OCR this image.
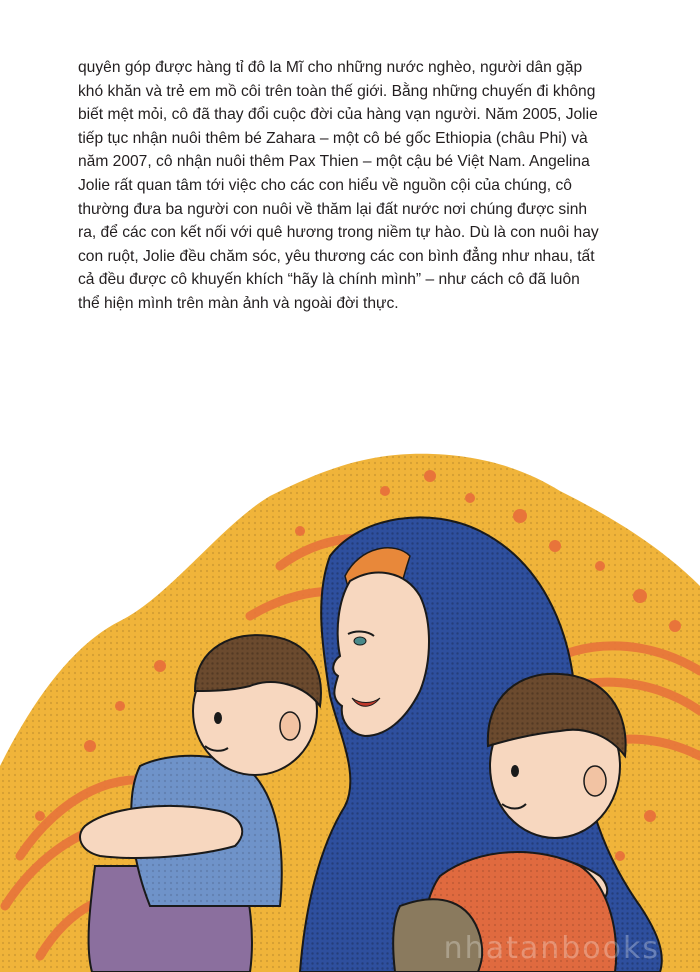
quyên góp được hàng tỉ đô la Mĩ cho những nước nghèo, người dân gặp
khó khăn và trẻ em mồ côi trên toàn thế giới. Bằng những chuyến đi không
biết mệt mỏi, cô đã thay đổi cuộc đời của hàng vạn người. Năm 2005, Jolie
tiếp tục nhận nuôi thêm bé Zahara – một cô bé gốc Ethiopia (châu Phi) và
năm 2007, cô nhận nuôi thêm Pax Thien – một cậu bé Việt Nam. Angelina
Jolie rất quan tâm tới việc cho các con hiểu về nguồn cội của chúng, cô
thường đưa ba người con nuôi về thăm lại đất nước nơi chúng được sinh
ra, để các con kết nối với quê hương trong niềm tự hào. Dù là con nuôi hay
con ruột, Jolie đều chăm sóc, yêu thương các con bình đẳng như nhau, tất
cả đều được cô khuyến khích “hãy là chính mình” – như cách cô đã luôn
thể hiện mình trên màn ảnh và ngoài đời thực.
nhatanbooks
